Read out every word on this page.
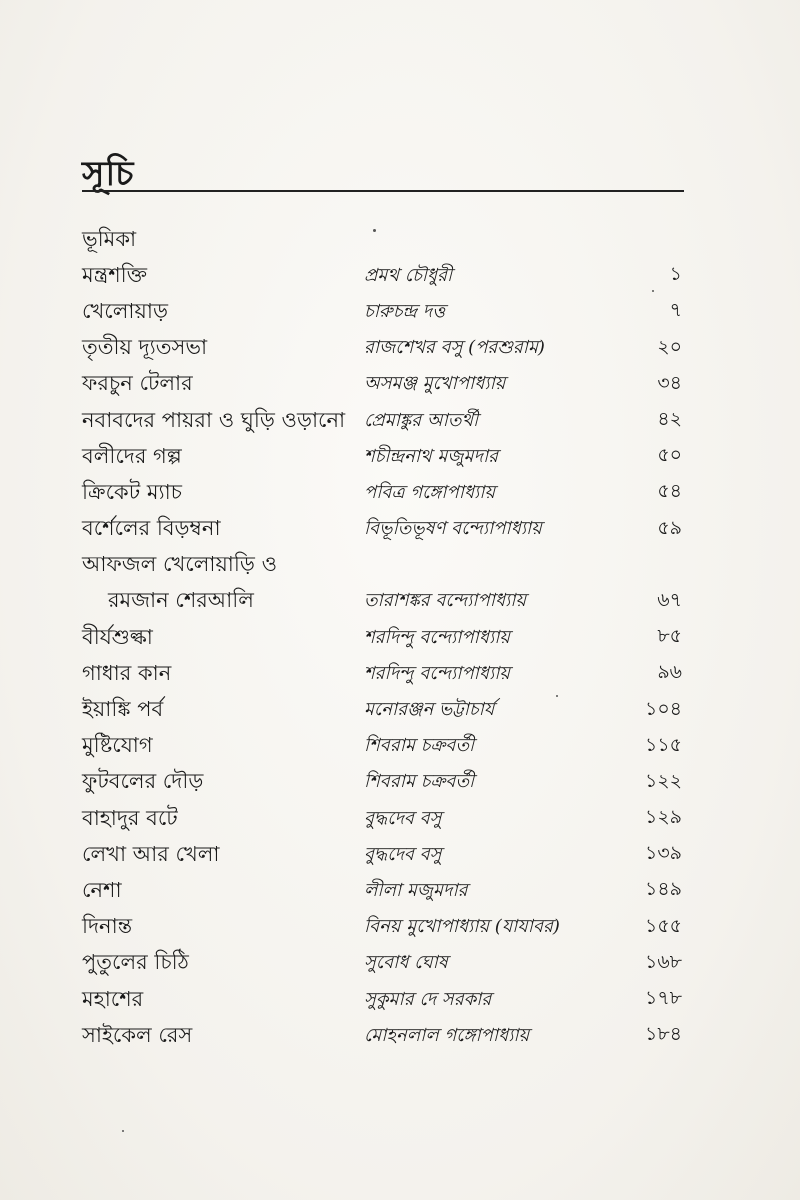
সূচি
ভূমিকা
মন্ত্রশক্তি	প্রমথ চৌধুরী	১
খেলোয়াড়	চারুচন্দ্র দত্ত	৭
তৃতীয় দ্যূতসভা	রাজশেখর বসু (পরশুরাম)	২০
ফরচুন টেলার	অসমঞ্জ মুখোপাধ্যায়	৩৪
নবাবদের পায়রা ও ঘুড়ি ওড়ানো	প্রেমাঙ্কুর আতর্থী	৪২
বলীদের গল্প	শচীন্দ্রনাথ মজুমদার	৫০
ক্রিকেট ম্যাচ	পবিত্র গঙ্গোপাধ্যায়	৫৪
বর্শেলের বিড়ম্বনা	বিভূতিভূষণ বন্দ্যোপাধ্যায়	৫৯
আফজল খেলোয়াড়ি ও
রমজান শেরআলি	তারাশঙ্কর বন্দ্যোপাধ্যায়	৬৭
বীর্যশুল্কা	শরদিন্দু বন্দ্যোপাধ্যায়	৮৫
গাধার কান	শরদিন্দু বন্দ্যোপাধ্যায়	৯৬
ইয়াঙ্কি পর্ব	মনোরঞ্জন ভট্টাচার্য	১০৪
মুষ্টিযোগ	শিবরাম চক্রবর্তী	১১৫
ফুটবলের দৌড়	শিবরাম চক্রবর্তী	১২২
বাহাদুর বটে	বুদ্ধদেব বসু	১২৯
লেখা আর খেলা	বুদ্ধদেব বসু	১৩৯
নেশা	লীলা মজুমদার	১৪৯
দিনান্ত	বিনয় মুখোপাধ্যায় (যাযাবর)	১৫৫
পুতুলের চিঠি	সুবোধ ঘোষ	১৬৮
মহাশের	সুকুমার দে সরকার	১৭৮
সাইকেল রেস	মোহনলাল গঙ্গোপাধ্যায়	১৮৪
